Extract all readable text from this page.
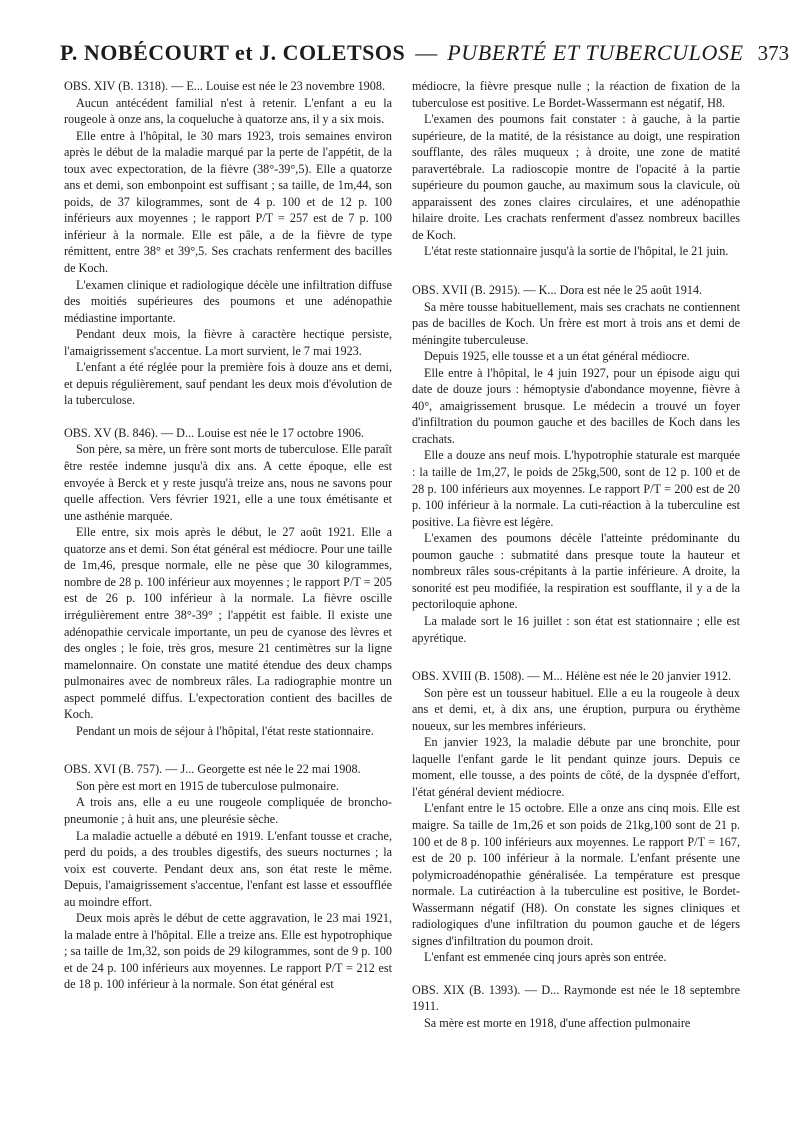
P. NOBÉCOURT et J. COLETSOS — PUBERTÉ ET TUBERCULOSE 373

OBS. XIV (B. 1318). — E... Louise est née le 23 novembre 1908.

Aucun antécédent familial n'est à retenir. L'enfant a eu la rougeole à onze ans, la coqueluche à quatorze ans, il y a six mois.

Elle entre à l'hôpital, le 30 mars 1923, trois semaines environ après le début de la maladie marqué par la perte de l'appétit, de la toux avec expectoration, de la fièvre (38°-39°,5). Elle a quatorze ans et demi, son embonpoint est suffisant ; sa taille, de 1m,44, son poids, de 37 kilogrammes, sont de 4 p. 100 et de 12 p. 100 inférieurs aux moyennes ; le rapport P/T = 257 est de 7 p. 100 inférieur à la normale. Elle est pâle, a de la fièvre de type rémittent, entre 38° et 39°,5. Ses crachats renferment des bacilles de Koch.

L'examen clinique et radiologique décèle une infiltration diffuse des moitiés supérieures des poumons et une adénopathie médiastine importante.

Pendant deux mois, la fièvre à caractère hectique persiste, l'amaigrissement s'accentue. La mort survient, le 7 mai 1923.

L'enfant a été réglée pour la première fois à douze ans et demi, et depuis régulièrement, sauf pendant les deux mois d'évolution de la tuberculose.

OBS. XV (B. 846). — D... Louise est née le 17 octobre 1906.

Son père, sa mère, un frère sont morts de tuberculose. Elle paraît être restée indemne jusqu'à dix ans. A cette époque, elle est envoyée à Berck et y reste jusqu'à treize ans, nous ne savons pour quelle affection. Vers février 1921, elle a une toux émétisante et une asthénie marquée.

Elle entre, six mois après le début, le 27 août 1921. Elle a quatorze ans et demi. Son état général est médiocre. Pour une taille de 1m,46, presque normale, elle ne pèse que 30 kilogrammes, nombre de 28 p. 100 inférieur aux moyennes ; le rapport P/T = 205 est de 26 p. 100 inférieur à la normale. La fièvre oscille irrégulièrement entre 38°-39° ; l'appétit est faible. Il existe une adénopathie cervicale importante, un peu de cyanose des lèvres et des ongles ; le foie, très gros, mesure 21 centimètres sur la ligne mamelonnaire. On constate une matité étendue des deux champs pulmonaires avec de nombreux râles. La radiographie montre un aspect pommelé diffus. L'expectoration contient des bacilles de Koch.

Pendant un mois de séjour à l'hôpital, l'état reste stationnaire.

OBS. XVI (B. 757). — J... Georgette est née le 22 mai 1908.

Son père est mort en 1915 de tuberculose pulmonaire.

A trois ans, elle a eu une rougeole compliquée de broncho-pneumonie ; à huit ans, une pleurésie sèche.

La maladie actuelle a débuté en 1919. L'enfant tousse et crache, perd du poids, a des troubles digestifs, des sueurs nocturnes ; la voix est couverte. Pendant deux ans, son état reste le même. Depuis, l'amaigrissement s'accentue, l'enfant est lasse et essoufflée au moindre effort.

Deux mois après le début de cette aggravation, le 23 mai 1921, la malade entre à l'hôpital. Elle a treize ans. Elle est hypotrophique ; sa taille de 1m,32, son poids de 29 kilogrammes, sont de 9 p. 100 et de 24 p. 100 inférieurs aux moyennes. Le rapport P/T = 212 est de 18 p. 100 inférieur à la normale. Son état général est

médiocre, la fièvre presque nulle ; la réaction de fixation de la tuberculose est positive. Le Bordet-Wassermann est négatif, H8.

L'examen des poumons fait constater : à gauche, à la partie supérieure, de la matité, de la résistance au doigt, une respiration soufflante, des râles muqueux ; à droite, une zone de matité paravertébrale. La radioscopie montre de l'opacité à la partie supérieure du poumon gauche, au maximum sous la clavicule, où apparaissent des zones claires circulaires, et une adénopathie hilaire droite. Les crachats renferment d'assez nombreux bacilles de Koch.

L'état reste stationnaire jusqu'à la sortie de l'hôpital, le 21 juin.

OBS. XVII (B. 2915). — K... Dora est née le 25 août 1914.

Sa mère tousse habituellement, mais ses crachats ne contiennent pas de bacilles de Koch. Un frère est mort à trois ans et demi de méningite tuberculeuse.

Depuis 1925, elle tousse et a un état général médiocre.

Elle entre à l'hôpital, le 4 juin 1927, pour un épisode aigu qui date de douze jours : hémoptysie d'abondance moyenne, fièvre à 40°, amaigrissement brusque. Le médecin a trouvé un foyer d'infiltration du poumon gauche et des bacilles de Koch dans les crachats.

Elle a douze ans neuf mois. L'hypotrophie staturale est marquée : la taille de 1m,27, le poids de 25kg,500, sont de 12 p. 100 et de 28 p. 100 inférieurs aux moyennes. Le rapport P/T = 200 est de 20 p. 100 inférieur à la normale. La cuti-réaction à la tuberculine est positive. La fièvre est légère.

L'examen des poumons décèle l'atteinte prédominante du poumon gauche : submatité dans presque toute la hauteur et nombreux râles sous-crépitants à la partie inférieure. A droite, la sonorité est peu modifiée, la respiration est soufflante, il y a de la pectoriloquie aphone.

La malade sort le 16 juillet : son état est stationnaire ; elle est apyrétique.

OBS. XVIII (B. 1508). — M... Hélène est née le 20 janvier 1912.

Son père est un tousseur habituel. Elle a eu la rougeole à deux ans et demi, et, à dix ans, une éruption, purpura ou érythème noueux, sur les membres inférieurs.

En janvier 1923, la maladie débute par une bronchite, pour laquelle l'enfant garde le lit pendant quinze jours. Depuis ce moment, elle tousse, a des points de côté, de la dyspnée d'effort, l'état général devient médiocre.

L'enfant entre le 15 octobre. Elle a onze ans cinq mois. Elle est maigre. Sa taille de 1m,26 et son poids de 21kg,100 sont de 21 p. 100 et de 8 p. 100 inférieurs aux moyennes. Le rapport P/T = 167, est de 20 p. 100 inférieur à la normale. L'enfant présente une polymicroadénopathie généralisée. La température est presque normale. La cutiréaction à la tuberculine est positive, le Bordet-Wassermann négatif (H8). On constate les signes cliniques et radiologiques d'une infiltration du poumon gauche et de légers signes d'infiltration du poumon droit.

L'enfant est emmenée cinq jours après son entrée.

OBS. XIX (B. 1393). — D... Raymonde est née le 18 septembre 1911.

Sa mère est morte en 1918, d'une affection pulmonaire
